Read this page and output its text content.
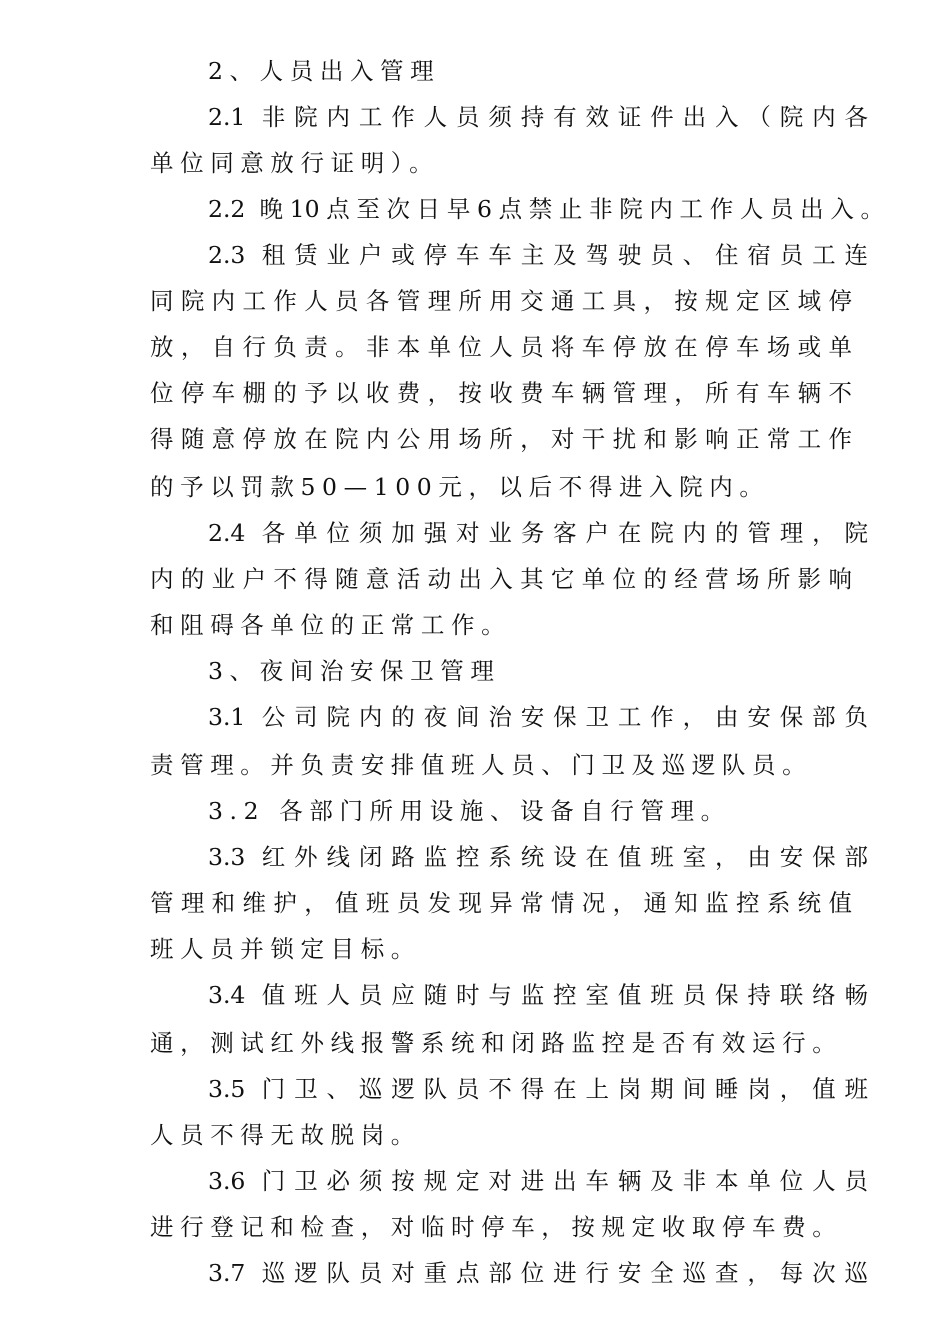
2、人员出入管理
2.1 非院内工作人员须持有效证件出入（院内各
单位同意放行证明）。
2.2 晚10点至次日早6点禁止非院内工作人员出入。
2.3 租赁业户或停车车主及驾驶员、住宿员工连
同院内工作人员各管理所用交通工具，按规定区域停
放，自行负责。非本单位人员将车停放在停车场或单
位停车棚的予以收费，按收费车辆管理，所有车辆不
得随意停放在院内公用场所，对干扰和影响正常工作
的予以罚款50—100元，以后不得进入院内。
2.4 各单位须加强对业务客户在院内的管理，院
内的业户不得随意活动出入其它单位的经营场所影响
和阻碍各单位的正常工作。
3、夜间治安保卫管理
3.1 公司院内的夜间治安保卫工作，由安保部负
责管理。并负责安排值班人员、门卫及巡逻队员。
3.2 各部门所用设施、设备自行管理。
3.3 红外线闭路监控系统设在值班室，由安保部
管理和维护，值班员发现异常情况，通知监控系统值
班人员并锁定目标。
3.4 值班人员应随时与监控室值班员保持联络畅
通，测试红外线报警系统和闭路监控是否有效运行。
3.5 门卫、巡逻队员不得在上岗期间睡岗，值班
人员不得无故脱岗。
3.6 门卫必须按规定对进出车辆及非本单位人员
进行登记和检查，对临时停车，按规定收取停车费。
3.7 巡逻队员对重点部位进行安全巡查，每次巡
